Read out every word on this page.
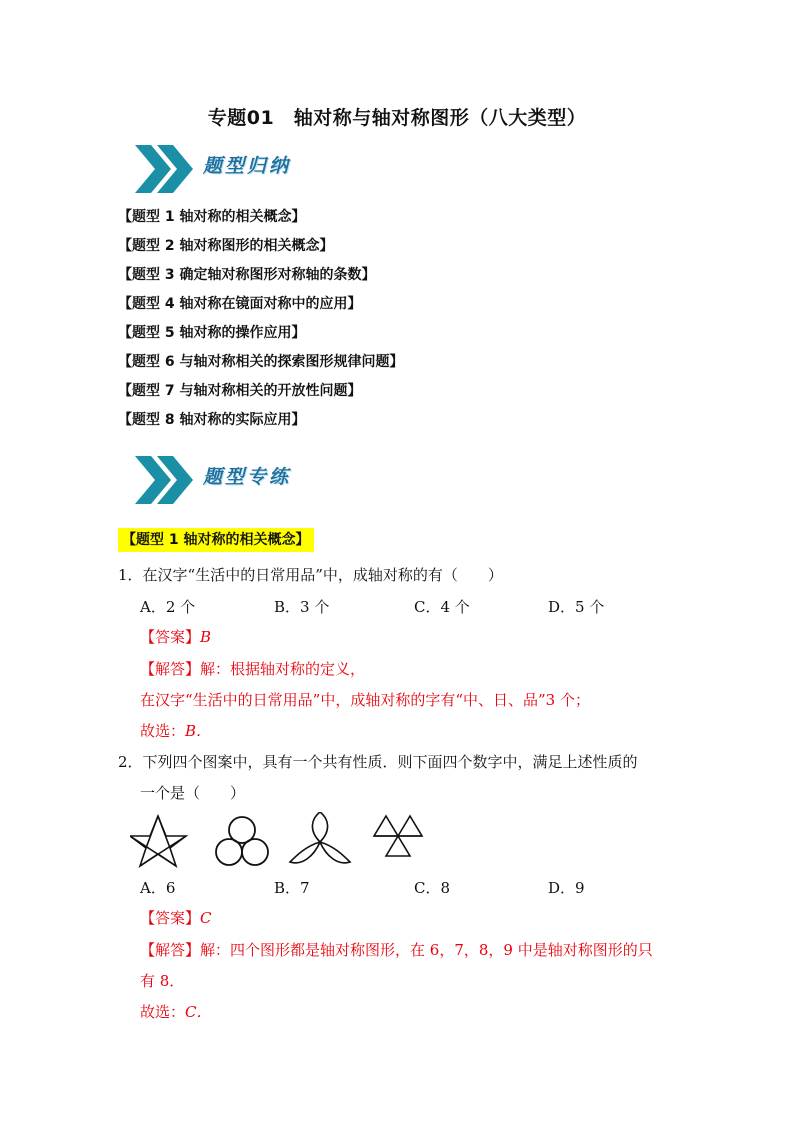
专题01　轴对称与轴对称图形（八大类型）
题型归纳
【题型 1 轴对称的相关概念】
【题型 2 轴对称图形的相关概念】
【题型 3 确定轴对称图形对称轴的条数】
【题型 4 轴对称在镜面对称中的应用】
【题型 5 轴对称的操作应用】
【题型 6 与轴对称相关的探索图形规律问题】
【题型 7 与轴对称相关的开放性问题】
【题型 8 轴对称的实际应用】
题型专练
【题型 1 轴对称的相关概念】
1．在汉字“生活中的日常用品”中，成轴对称的有（　　）
A．2 个	B．3 个	C．4 个	D．5 个
【答案】B
【解答】解：根据轴对称的定义，
在汉字“生活中的日常用品”中，成轴对称的字有“中、日、品”3 个；
故选：B．
2．下列四个图案中，具有一个共有性质．则下面四个数字中，满足上述性质的
一个是（　　）
A．6	B．7	C．8	D．9
【答案】C
【解答】解：四个图形都是轴对称图形，在 6，7，8，9 中是轴对称图形的只
有 8．
故选：C．
